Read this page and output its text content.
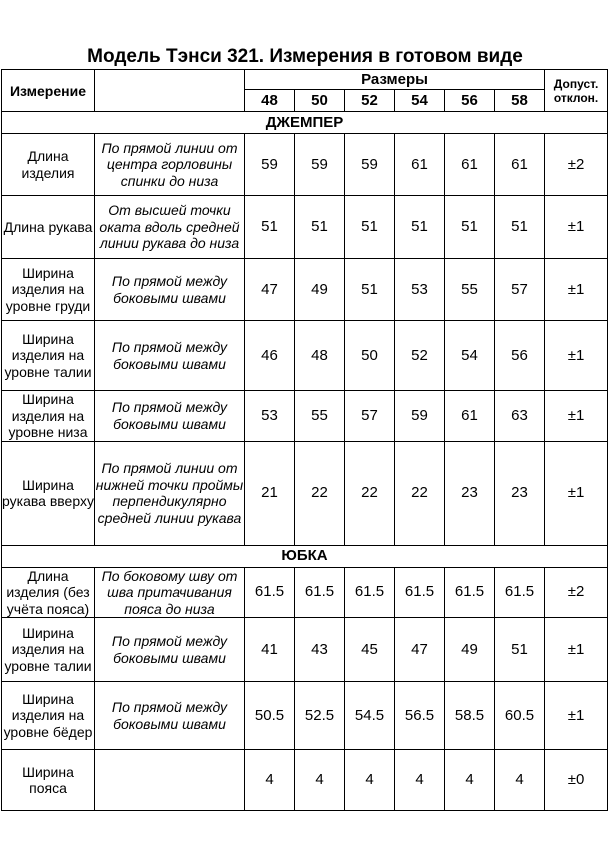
Модель Тэнси 321. Измерения в готовом виде
Измерение		Размеры						Допуст. отклон.
		48	50	52	54	56	58	
ДЖЕМПЕР								
Длина изделия	По прямой линии от центра горловины спинки до низа	59	59	59	61	61	61	±2
Длина рукава	От высшей точки оката вдоль средней линии рукава до низа	51	51	51	51	51	51	±1
Ширина изделия на уровне груди	По прямой между боковыми швами	47	49	51	53	55	57	±1
Ширина изделия на уровне талии	По прямой между боковыми швами	46	48	50	52	54	56	±1
Ширина изделия на уровне низа	По прямой между боковыми швами	53	55	57	59	61	63	±1
Ширина рукава вверху	По прямой линии от нижней точки проймы перпендикулярно средней линии рукава	21	22	22	22	23	23	±1
ЮБКА								
Длина изделия (без учёта пояса)	По боковому шву от шва притачивания пояса до низа	61.5	61.5	61.5	61.5	61.5	61.5	±2
Ширина изделия на уровне талии	По прямой между боковыми швами	41	43	45	47	49	51	±1
Ширина изделия на уровне бёдер	По прямой между боковыми швами	50.5	52.5	54.5	56.5	58.5	60.5	±1
Ширина пояса		4	4	4	4	4	4	±0
